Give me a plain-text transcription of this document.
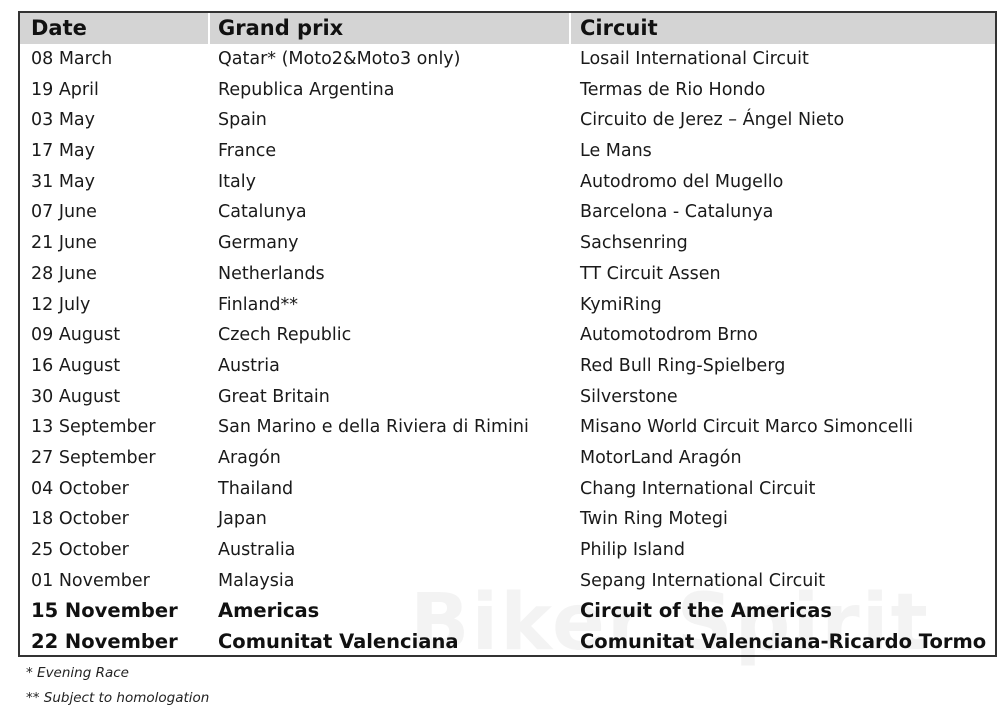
Date	Grand prix	Circuit
08 March	Qatar* (Moto2&Moto3 only)	Losail International Circuit
19 April	Republica Argentina	Termas de Rio Hondo
03 May	Spain	Circuito de Jerez – Ángel Nieto
17 May	France	Le Mans
31 May	Italy	Autodromo del Mugello
07 June	Catalunya	Barcelona - Catalunya
21 June	Germany	Sachsenring
28 June	Netherlands	TT Circuit Assen
12 July	Finland**	KymiRing
09 August	Czech Republic	Automotodrom Brno
16 August	Austria	Red Bull Ring-Spielberg
30 August	Great Britain	Silverstone
13 September	San Marino e della Riviera di Rimini	Misano World Circuit Marco Simoncelli
27 September	Aragón	MotorLand Aragón
04 October	Thailand	Chang International Circuit
18 October	Japan	Twin Ring Motegi
25 October	Australia	Philip Island
01 November	Malaysia	Sepang International Circuit
15 November Americas	Circuit of the Americas
22 November Comunitat Valenciana	Comunitat Valenciana-Ricardo Tormo
* Evening Race
** Subject to homologation
